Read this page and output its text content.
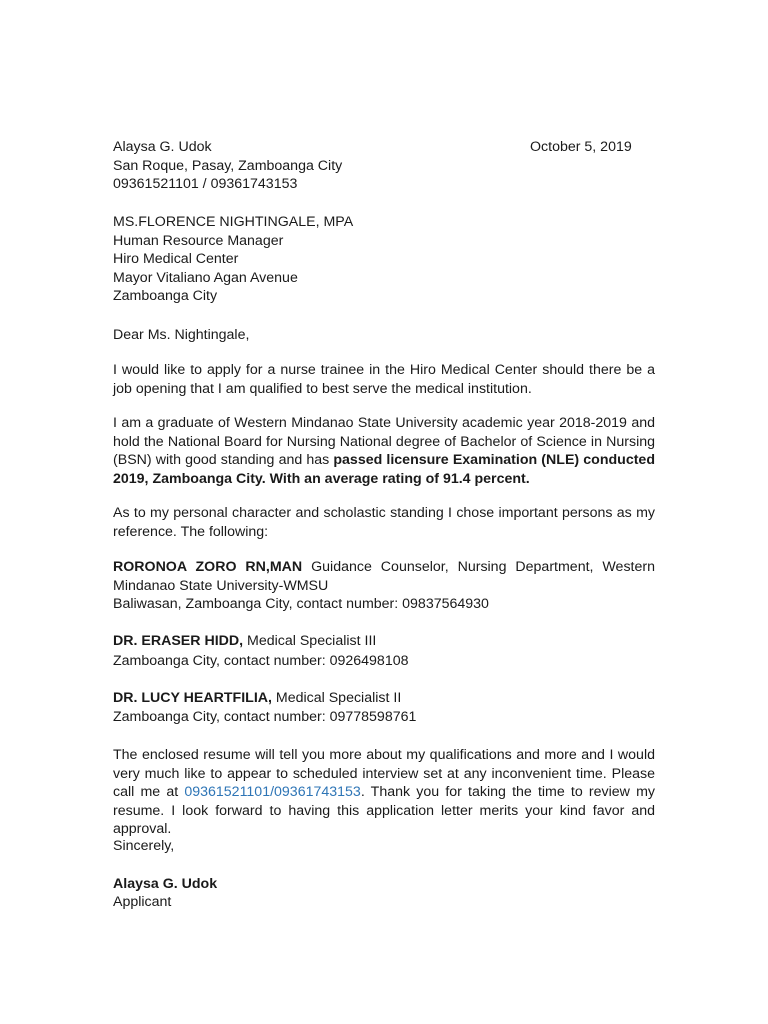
Alaysa G. Udok
San Roque, Pasay, Zamboanga City
09361521101 / 09361743153
October 5, 2019
MS.FLORENCE NIGHTINGALE, MPA
Human Resource Manager
Hiro Medical Center
Mayor Vitaliano Agan Avenue
Zamboanga City
Dear Ms. Nightingale,
I would like to apply for a nurse trainee in the Hiro Medical Center should there be a job opening that I am qualified to best serve the medical institution.
I am a graduate of Western Mindanao State University academic year 2018-2019 and hold the National Board for Nursing National degree of Bachelor of Science in Nursing (BSN) with good standing and has passed licensure Examination (NLE) conducted 2019, Zamboanga City. With an average rating of 91.4 percent.
As to my personal character and scholastic standing I chose important persons as my reference. The following:
RORONOA ZORO RN,MAN Guidance Counselor, Nursing Department, Western Mindanao State University-WMSU
Baliwasan, Zamboanga City, contact number: 09837564930
DR. ERASER HIDD, Medical Specialist III
Zamboanga City, contact number: 0926498108
DR. LUCY HEARTFILIA, Medical Specialist II
Zamboanga City, contact number: 09778598761
The enclosed resume will tell you more about my qualifications and more and I would very much like to appear to scheduled interview set at any inconvenient time. Please call me at 09361521101/09361743153. Thank you for taking the time to review my resume. I look forward to having this application letter merits your kind favor and approval.
Sincerely,
Alaysa G. Udok
Applicant
